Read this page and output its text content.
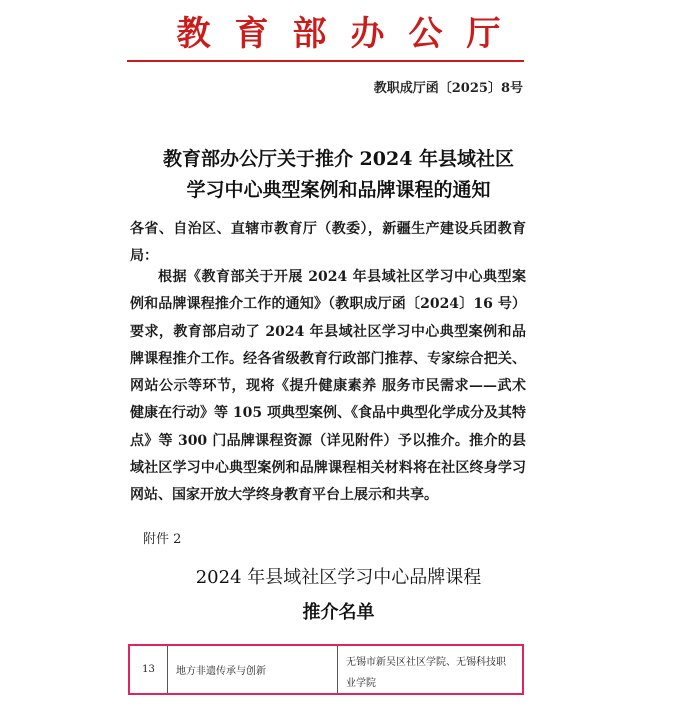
教育部办公厅
教职成厅函〔2025〕8号
教育部办公厅关于推介 2024 年县域社区
学习中心典型案例和品牌课程的通知
各省、自治区、直辖市教育厅（教委），新疆生产建设兵团教育局：
根据《教育部关于开展 2024 年县域社区学习中心典型案例和品牌课程推介工作的通知》（教职成厅函〔2024〕16 号）要求，教育部启动了 2024 年县域社区学习中心典型案例和品牌课程推介工作。经各省级教育行政部门推荐、专家综合把关、网站公示等环节，现将《提升健康素养 服务市民需求——武术健康在行动》等 105 项典型案例、《食品中典型化学成分及其特点》等 300 门品牌课程资源（详见附件）予以推介。推介的县域社区学习中心典型案例和品牌课程相关材料将在社区终身学习网站、国家开放大学终身教育平台上展示和共享。
附件 2
2024 年县域社区学习中心品牌课程
推介名单
13	地方非遗传承与创新
无锡市新吴区社区学院、无锡科技职业学院
